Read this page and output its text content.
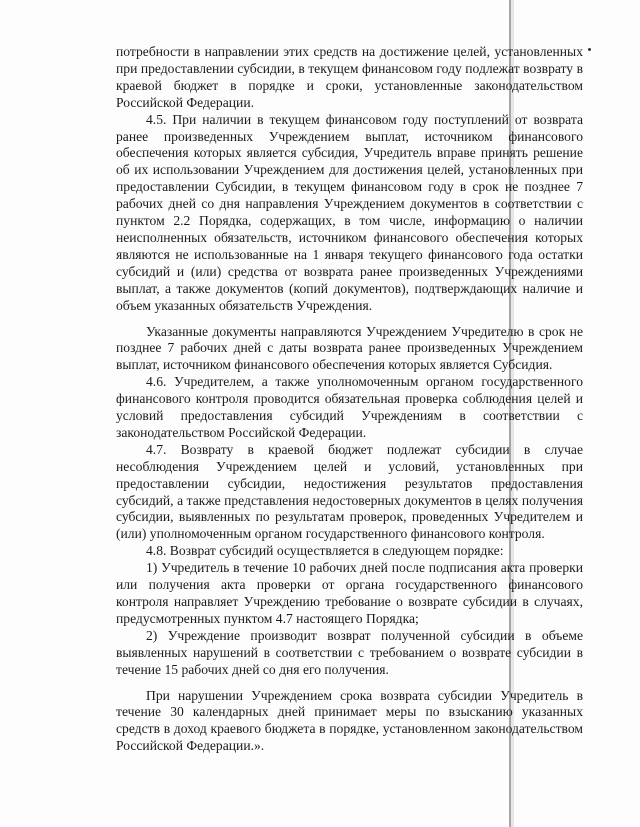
потребности в направлении этих средств на достижение целей, установленных при предоставлении субсидии, в текущем финансовом году подлежат возврату в краевой бюджет в порядке и сроки, установленные законодательством Российской Федерации.

4.5. При наличии в текущем финансовом году поступлений от возврата ранее произведенных Учреждением выплат, источником финансового обеспечения которых является субсидия, Учредитель вправе принять решение об их использовании Учреждением для достижения целей, установленных при предоставлении Субсидии, в текущем финансовом году в срок не позднее 7 рабочих дней со дня направления Учреждением документов в соответствии с пунктом 2.2 Порядка, содержащих, в том числе, информацию о наличии неисполненных обязательств, источником финансового обеспечения которых являются не использованные на 1 января текущего финансового года остатки субсидий и (или) средства от возврата ранее произведенных Учреждениями выплат, а также документов (копий документов), подтверждающих наличие и объем указанных обязательств Учреждения.

Указанные документы направляются Учреждением Учредителю в срок не позднее 7 рабочих дней с даты возврата ранее произведенных Учреждением выплат, источником финансового обеспечения которых является Субсидия.

4.6. Учредителем, а также уполномоченным органом государственного финансового контроля проводится обязательная проверка соблюдения целей и условий предоставления субсидий Учреждениям в соответствии с законодательством Российской Федерации.

4.7. Возврату в краевой бюджет подлежат субсидии в случае несоблюдения Учреждением целей и условий, установленных при предоставлении субсидии, недостижения результатов предоставления субсидий, а также представления недостоверных документов в целях получения субсидии, выявленных по результатам проверок, проведенных Учредителем и (или) уполномоченным органом государственного финансового контроля.

4.8. Возврат субсидий осуществляется в следующем порядке:

1) Учредитель в течение 10 рабочих дней после подписания акта проверки или получения акта проверки от органа государственного финансового контроля направляет Учреждению требование о возврате субсидии в случаях, предусмотренных пунктом 4.7 настоящего Порядка;

2) Учреждение производит возврат полученной субсидии в объеме выявленных нарушений в соответствии с требованием о возврате субсидии в течение 15 рабочих дней со дня его получения.

При нарушении Учреждением срока возврата субсидии Учредитель в течение 30 календарных дней принимает меры по взысканию указанных средств в доход краевого бюджета в порядке, установленном законодательством Российской Федерации.».
